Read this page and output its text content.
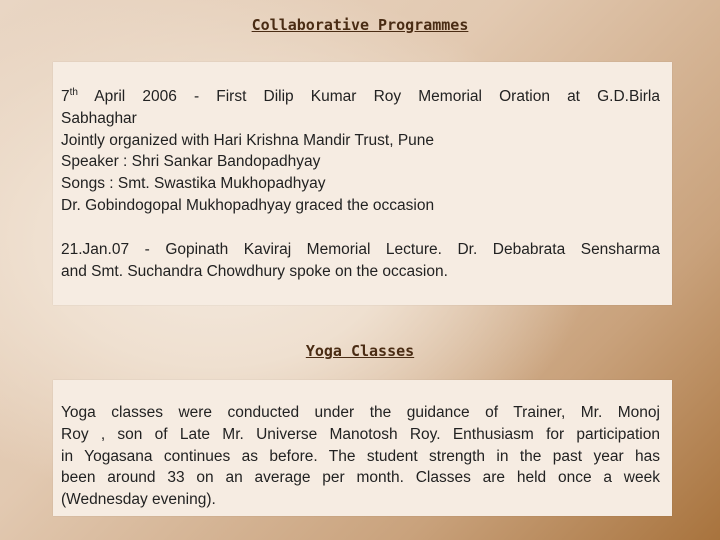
Collaborative Programmes
7th April 2006 - First Dilip Kumar Roy Memorial Oration at G.D.Birla
Sabhaghar
Jointly organized with Hari Krishna Mandir Trust, Pune
Speaker : Shri Sankar Bandopadhyay
Songs : Smt. Swastika Mukhopadhyay
Dr. Gobindogopal Mukhopadhyay graced the occasion
21.Jan.07 - Gopinath Kaviraj Memorial Lecture. Dr. Debabrata Sensharma
and Smt. Suchandra Chowdhury spoke on the occasion.
Yoga Classes
Yoga classes were conducted under the guidance of Trainer, Mr. Monoj
Roy , son of Late Mr. Universe Manotosh Roy. Enthusiasm for participation
in Yogasana continues as before. The student strength in the past year has
been around 33 on an average per month. Classes are held once a week
(Wednesday evening).
